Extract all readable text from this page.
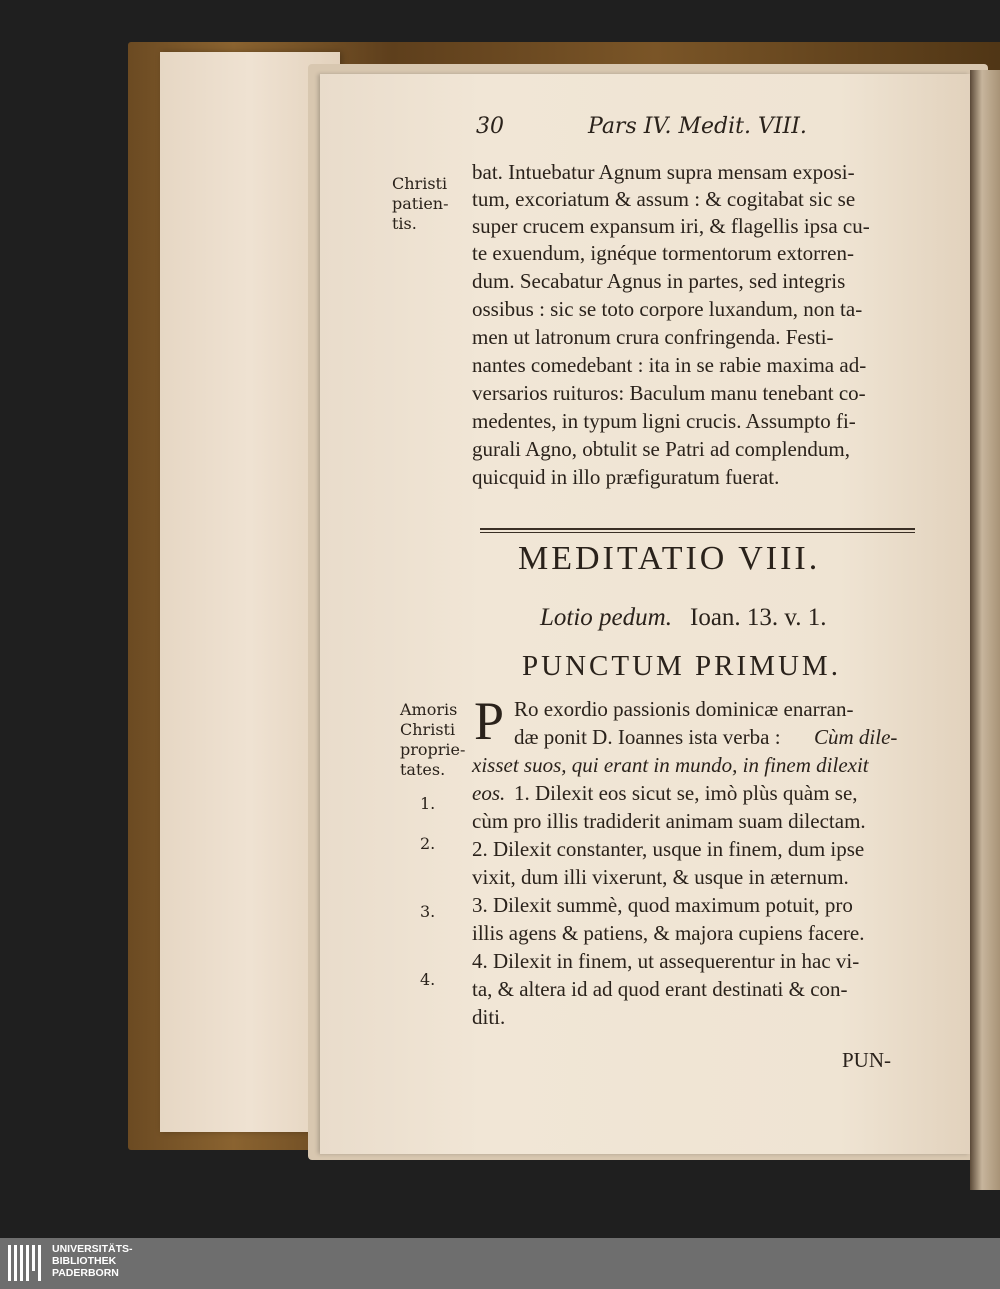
30	Pars IV. Medit. VIII.
Christi
patien-
tis.
bat. Intuebatur Agnum supra mensam exposi-
tum, excoriatum & assum : & cogitabat sic se
super crucem expansum iri, & flagellis ipsa cu-
te exuendum, ignéque tormentorum extorren-
dum. Secabatur Agnus in partes, sed integris
ossibus : sic se toto corpore luxandum, non ta-
men ut latronum crura confringenda. Festi-
nantes comedebant : ita in se rabie maxima ad-
versarios ruituros: Baculum manu tenebant co-
medentes, in typum ligni crucis. Assumpto fi-
gurali Agno, obtulit se Patri ad complendum,
quicquid in illo præfiguratum fuerat.
MEDITATIO VIII.
Lotio pedum. Ioan. 13. v. 1.
PUNCTUM PRIMUM.
Amoris
Christi
proprie-
tates.
1.
2.
3.
4.
P Ro exordio passionis dominicæ enarran-
dæ ponit D. Ioannes ista verba : Cùm dile-
xisset suos, qui erant in mundo, in finem dilexit
eos. 1. Dilexit eos sicut se, imò plùs quàm se,
cùm pro illis tradiderit animam suam dilectam.
2. Dilexit constanter, usque in finem, dum ipse
vixit, dum illi vixerunt, & usque in æternum.
3. Dilexit summè, quod maximum potuit, pro
illis agens & patiens, & majora cupiens facere.
4. Dilexit in finem, ut assequerentur in hac vi-
ta, & altera id ad quod erant destinati & con-
diti.
PUN-
UNIVERSITÄTS-
BIBLIOTHEK
PADERBORN
